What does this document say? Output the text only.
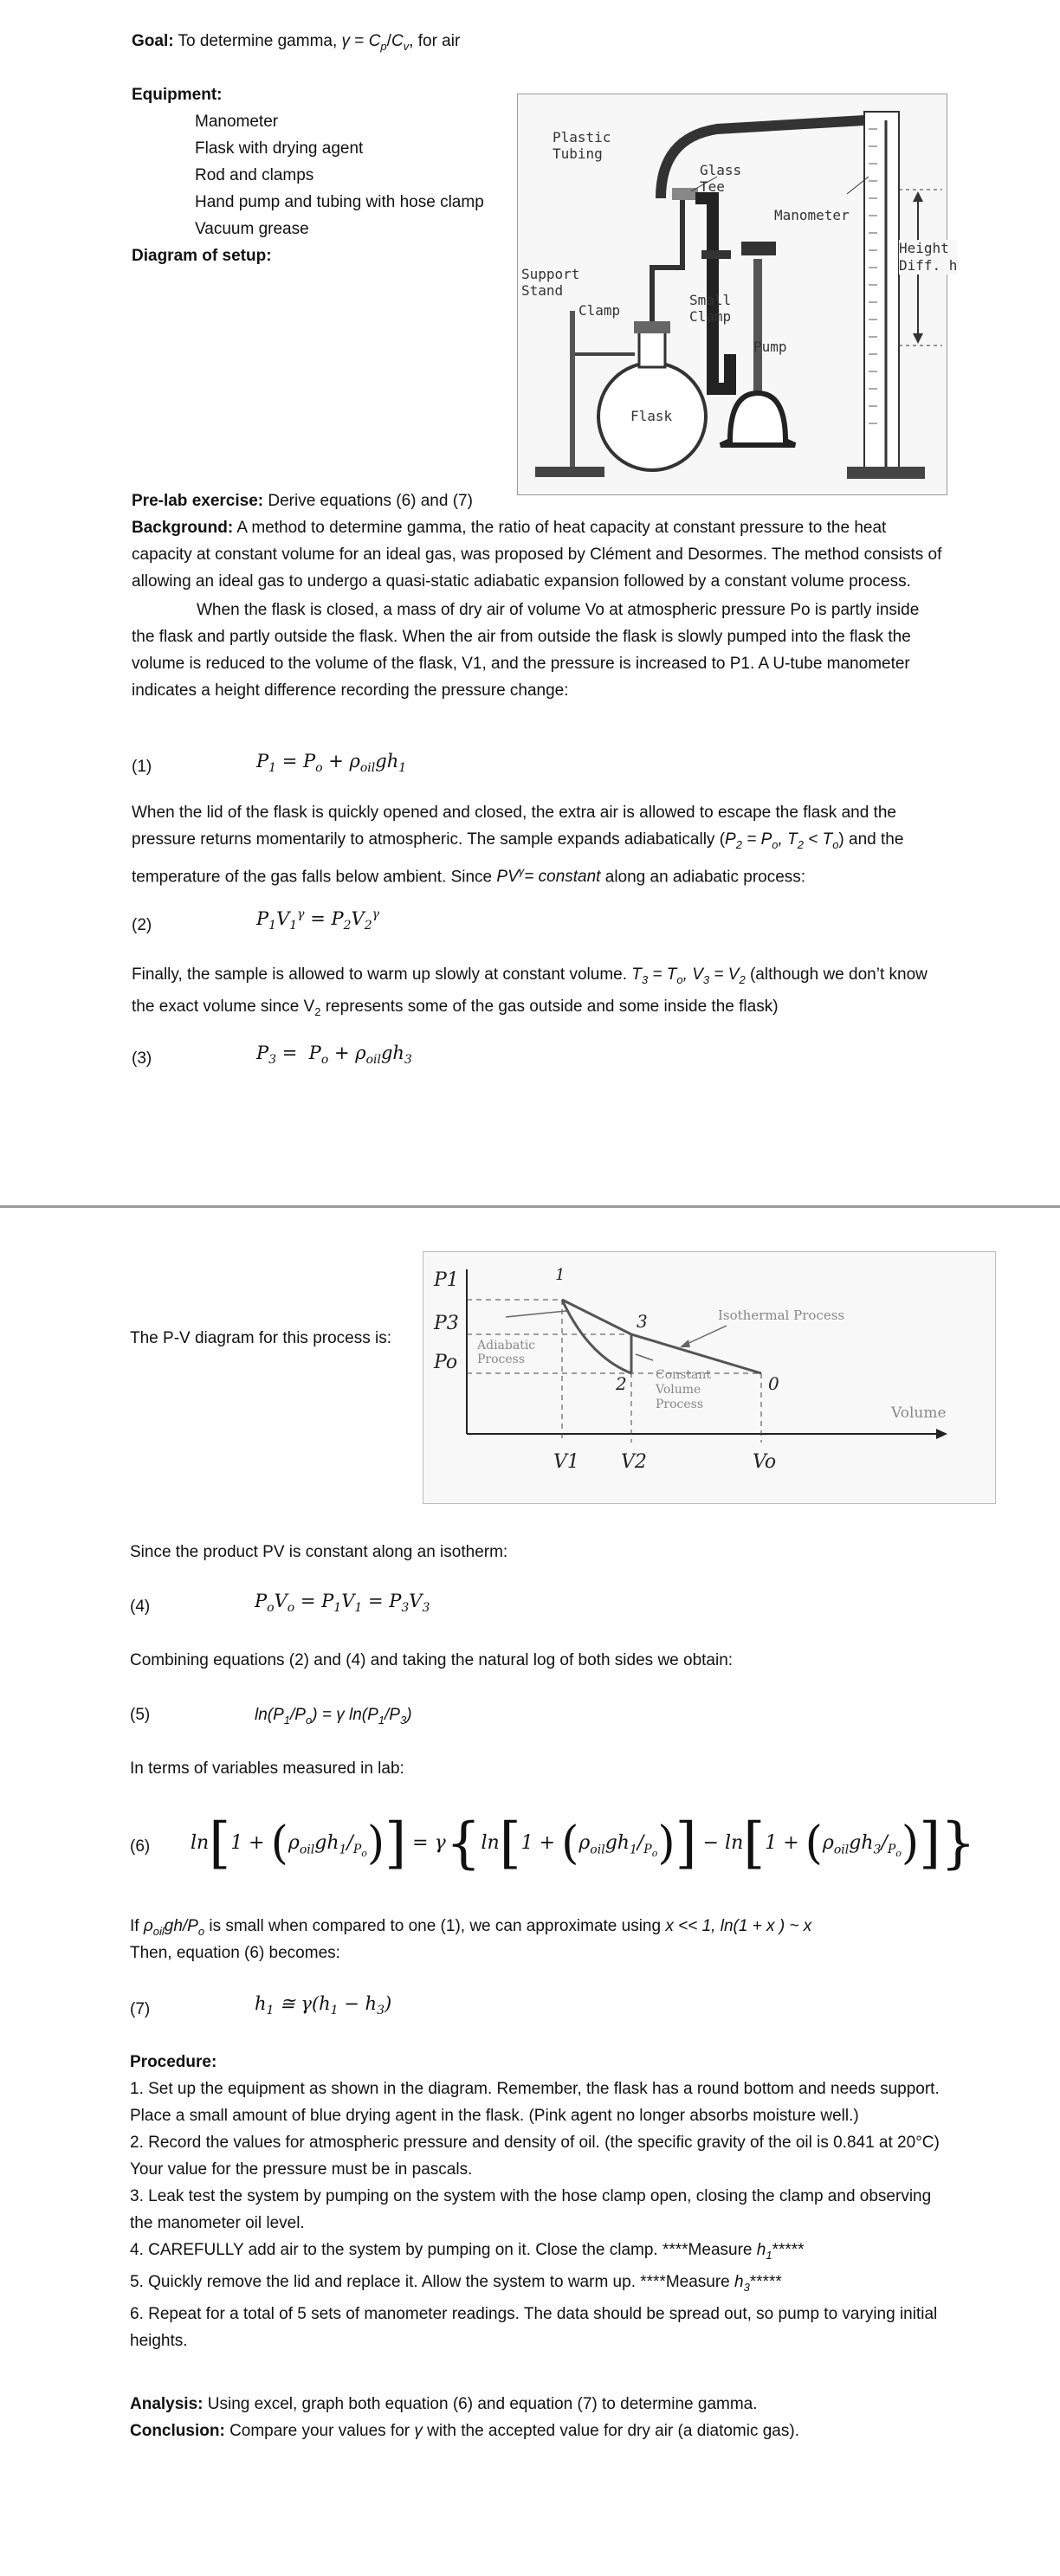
Goal: To determine gamma, $\gamma = C_p/C_v$, for air
Equipment:
Manometer
Flask with drying agent
Rod and clamps
Hand pump and tubing with hose clamp
Vacuum grease
Diagram of setup:
Plastic
Tubing
Glass
Tee
Manometer
Height
Diff. h
Support
Stand
Clamp
Small
Clamp
Pump
Flask
Pre-lab exercise: Derive equations (6) and (7)

Background: A method to determine gamma, the ratio of heat capacity at constant pressure to the heat capacity at constant volume for an ideal gas, was proposed by Clément and Desormes. The method consists of allowing an ideal gas to undergo a quasi-static adiabatic expansion followed by a constant volume process.

When the flask is closed, a mass of dry air of volume Vo at atmospheric pressure Po is partly inside the flask and partly outside the flask. When the air from outside the flask is slowly pumped into the flask the volume is reduced to the volume of the flask, V1, and the pressure is increased to P1. A U-tube manometer indicates a height difference recording the pressure change:

(1)	$P_1 = P_o + \rho_{oil}gh_1$

When the lid of the flask is quickly opened and closed, the extra air is allowed to escape the flask and the pressure returns momentarily to atmospheric. The sample expands adiabatically ($P_2 = P_o$, $T_2 < T_o$) and the temperature of the gas falls below ambient. Since $PV^\gamma=$ constant along an adiabatic process:

(2)	$P_1V_1^\gamma = P_2V_2^\gamma$

Finally, the sample is allowed to warm up slowly at constant volume. $T_3 = T_o$, $V_3 = V_2$ (although we don’t know the exact volume since $V_2$ represents some of the gas outside and some inside the flask)

(3)	$P_3 = P_o + \rho_{oil}gh_3$
The P-V diagram for this process is:
P1
P3
Po
V1 V2	Vo
1
3
2	0
Isothermal Process
Adiabatic
Process
Constant
Volume
Process	Volume
Since the product PV is constant along an isotherm:
(4)	$P_oV_o = P_1V_1 = P_3V_3$
Combining equations (2) and (4) and taking the natural log of both sides we obtain:
(5)	$\ln(P_1/P_o) = \gamma$ $\ln(P_1/P_3)$
In terms of variables measured in lab:
(6) $\ln[1 + (\rho_{oil}gh_1/_{P_o})] = \gamma\{\ln[1 + (\rho_{oil}gh_1/_{P_o})] - \ln[1 + (\rho_{oil}gh_3/_{P_o})]\}$
If $\rho_{oil}gh/P_o$ is small when compared to one (1), we can approximate using x << 1, ln(1 + x ) ~ x
Then, equation (6) becomes:
(7)	$h_1$ ≅ $\gamma(h_1 - h_3)$
Procedure:

1. Set up the equipment as shown in the diagram. Remember, the flask has a round bottom and needs support. Place a small amount of blue drying agent in the flask. (Pink agent no longer absorbs moisture well.)

2. Record the values for atmospheric pressure and density of oil. (the specific gravity of the oil is 0.841 at 20°C) Your value for the pressure must be in pascals.

3. Leak test the system by pumping on the system with the hose clamp open, closing the clamp and observing the manometer oil level.

4. CAREFULLY add air to the system by pumping on it. Close the clamp. ****Measure $h_1*****$

5. Quickly remove the lid and replace it. Allow the system to warm up. ****Measure $h_3*****$

6. Repeat for a total of 5 sets of manometer readings. The data should be spread out, so pump to varying initial heights.

Analysis: Using excel, graph both equation (6) and equation (7) to determine gamma.
Conclusion: Compare your values for γ with the accepted value for dry air (a diatomic gas).
